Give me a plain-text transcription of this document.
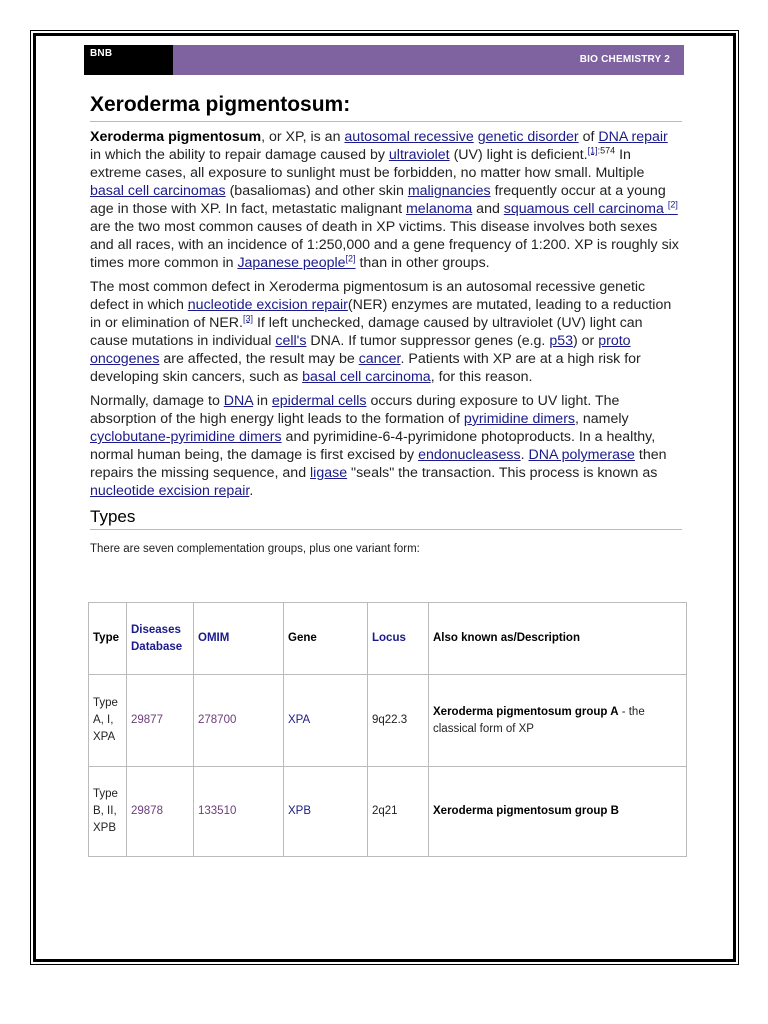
BNB
BIO CHEMISTRY 2
Xeroderma pigmentosum:

Xeroderma pigmentosum, or XP, is an autosomal recessive genetic disorder of DNA repair in which the ability to repair damage caused by ultraviolet (UV) light is deficient.$^{[1]:574}$ In extreme cases, all exposure to sunlight must be forbidden, no matter how small. Multiple basal cell carcinomas (basaliomas) and other skin malignancies frequently occur at a young age in those with XP. In fact, metastatic malignant melanoma and squamous cell carcinoma [2] are the two most common causes of death in XP victims. This disease involves both sexes and all races, with an incidence of 1:250,000 and a gene frequency of 1:200. XP is roughly six times more common in Japanese people[2] than in other groups.

The most common defect in Xeroderma pigmentosum is an autosomal recessive genetic defect in which nucleotide excision repair(NER) enzymes are mutated, leading to a reduction in or elimination of NER.[3] If left unchecked, damage caused by ultraviolet (UV) light can cause mutations in individual cell's DNA. If tumor suppressor genes (e.g. p53) or proto oncogenes are affected, the result may be cancer. Patients with XP are at a high risk for developing skin cancers, such as basal cell carcinoma, for this reason.

Normally, damage to DNA in epidermal cells occurs during exposure to UV light. The absorption of the high energy light leads to the formation of pyrimidine dimers, namely cyclobutane-pyrimidine dimers and pyrimidine-6-4-pyrimidone photoproducts. In a healthy, normal human being, the damage is first excised by endonucleasess. DNA polymerase then repairs the missing sequence, and ligase "seals" the transaction. This process is known as nucleotide excision repair.

Types
There are seven complementation groups, plus one variant form:
Type	Diseases Database	OMIM	Gene	Locus	Also known as/Description
Type A, I, XPA	29877	278700	XPA	9q22.3	Xeroderma pigmentosum group A - the classical form of XP
Type B, II, XPB	29878	133510	XPB	2q21	Xeroderma pigmentosum group B
